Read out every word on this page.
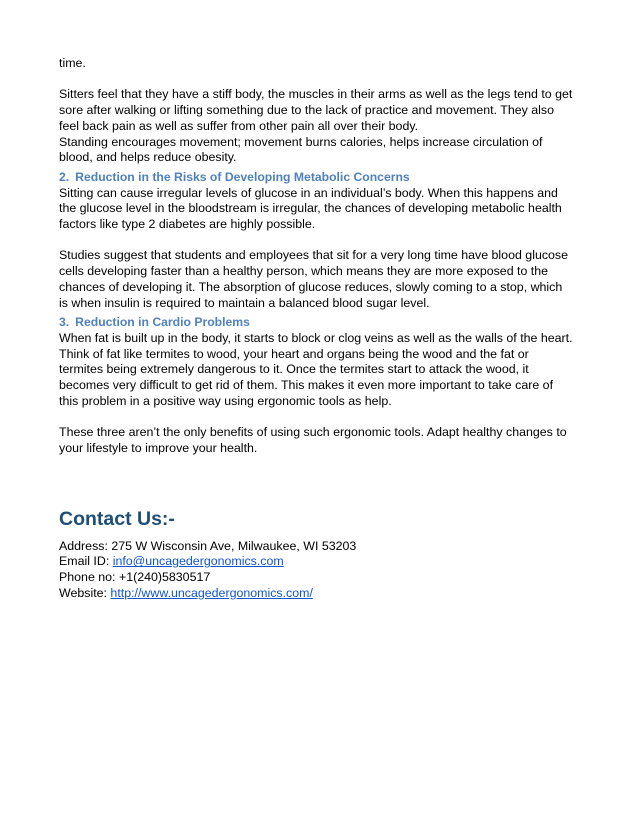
time.

Sitters feel that they have a stiff body, the muscles in their arms as well as the legs tend to get
sore after walking or lifting something due to the lack of practice and movement. They also
feel back pain as well as suffer from other pain all over their body.
Standing encourages movement; movement burns calories, helps increase circulation of
blood, and helps reduce obesity.

2. Reduction in the Risks of Developing Metabolic Concerns

Sitting can cause irregular levels of glucose in an individual’s body. When this happens and
the glucose level in the bloodstream is irregular, the chances of developing metabolic health
factors like type 2 diabetes are highly possible.

Studies suggest that students and employees that sit for a very long time have blood glucose
cells developing faster than a healthy person, which means they are more exposed to the
chances of developing it. The absorption of glucose reduces, slowly coming to a stop, which
is when insulin is required to maintain a balanced blood sugar level.

3. Reduction in Cardio Problems

When fat is built up in the body, it starts to block or clog veins as well as the walls of the heart.
Think of fat like termites to wood, your heart and organs being the wood and the fat or
termites being extremely dangerous to it. Once the termites start to attack the wood, it
becomes very difficult to get rid of them. This makes it even more important to take care of
this problem in a positive way using ergonomic tools as help.

These three aren’t the only benefits of using such ergonomic tools. Adapt healthy changes to
your lifestyle to improve your health.

Contact Us:-

Address: 275 W Wisconsin Ave, Milwaukee, WI 53203

Email ID: info@uncagedergonomics.com

Phone no: +1(240)5830517

Website: http://www.uncagedergonomics.com/
